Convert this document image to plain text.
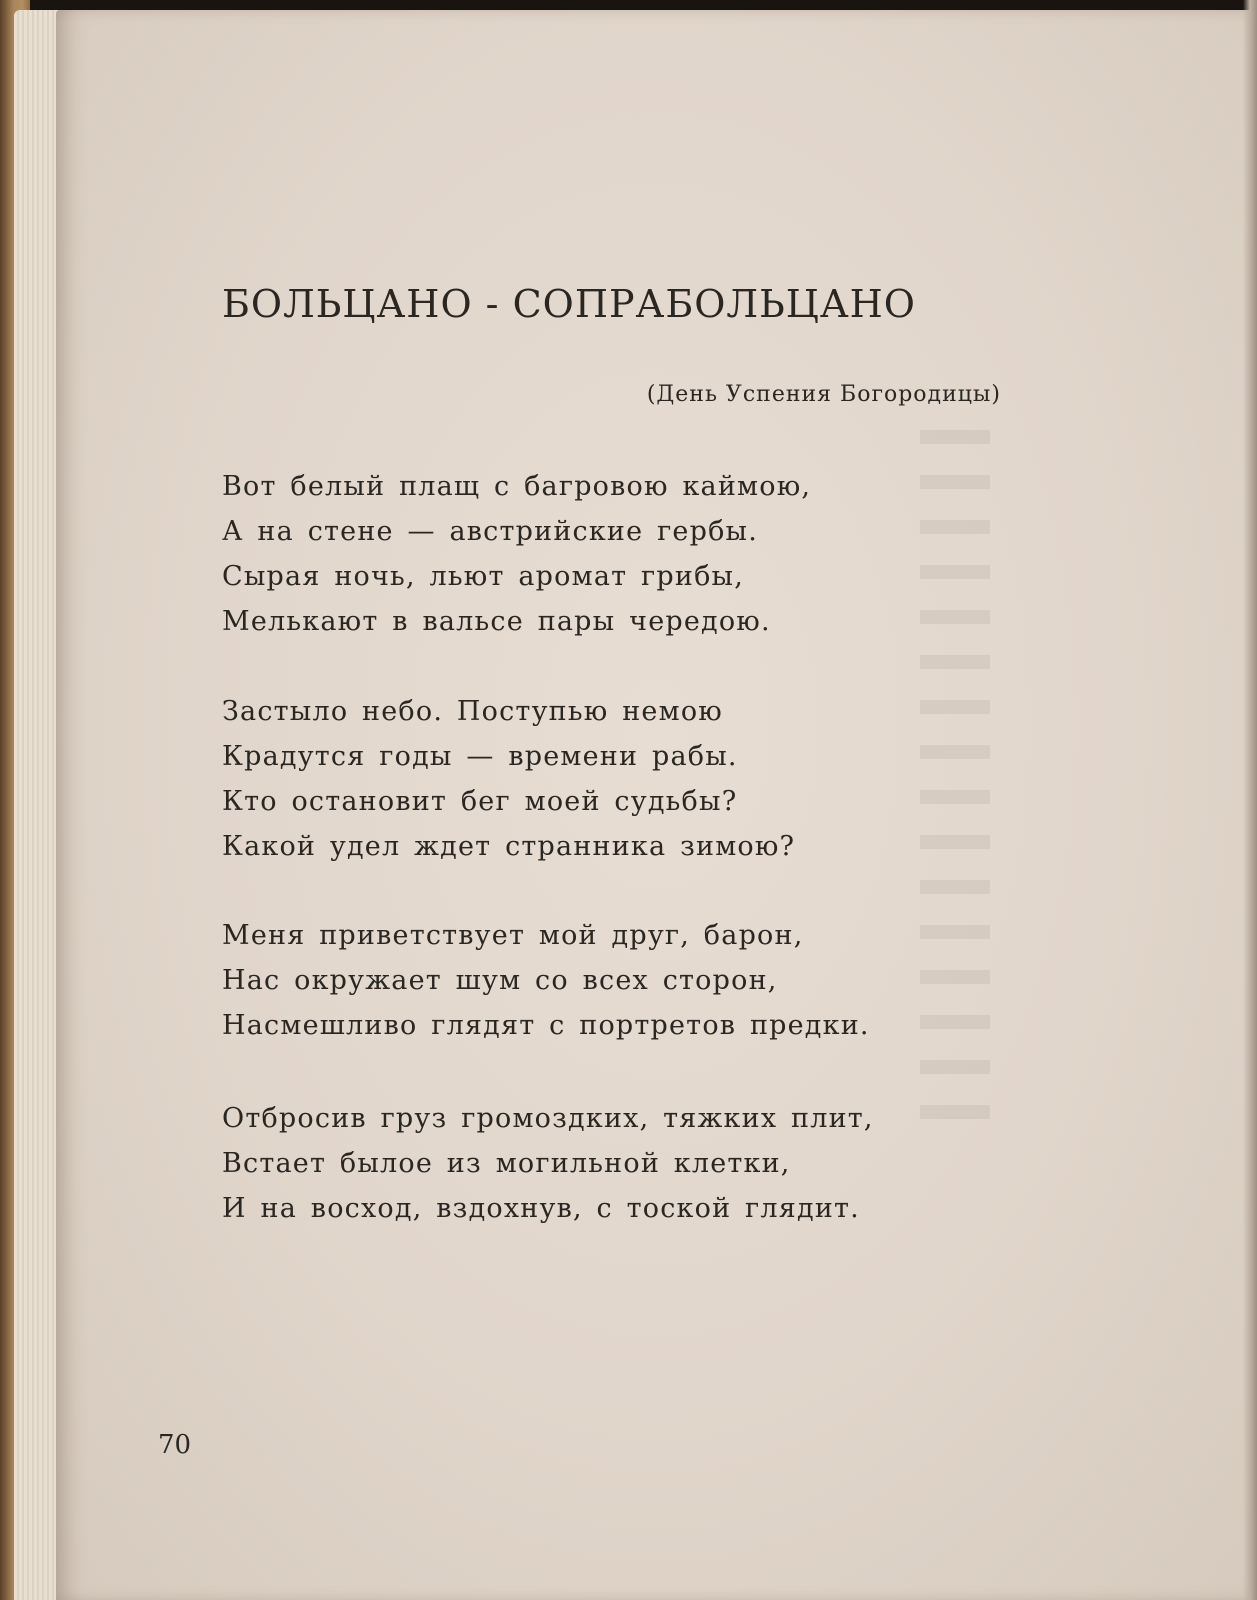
БОЛЬЦАНО - СОПРАБОЛЬЦАНО
(День Успения Богородицы)
Вот белый плащ с багровою каймою,
А на стене — австрийские гербы.
Сырая ночь, льют аромат грибы,
Мелькают в вальсе пары чередою.
Застыло небо. Поступью немою
Крадутся годы — времени рабы.
Кто остановит бег моей судьбы?
Какой удел ждет странника зимою?
Меня приветствует мой друг, барон,
Нас окружает шум со всех сторон,
Насмешливо глядят с портретов предки.
Отбросив груз громоздких, тяжких плит,
Встает былое из могильной клетки,
И на восход, вздохнув, с тоской глядит.
70
